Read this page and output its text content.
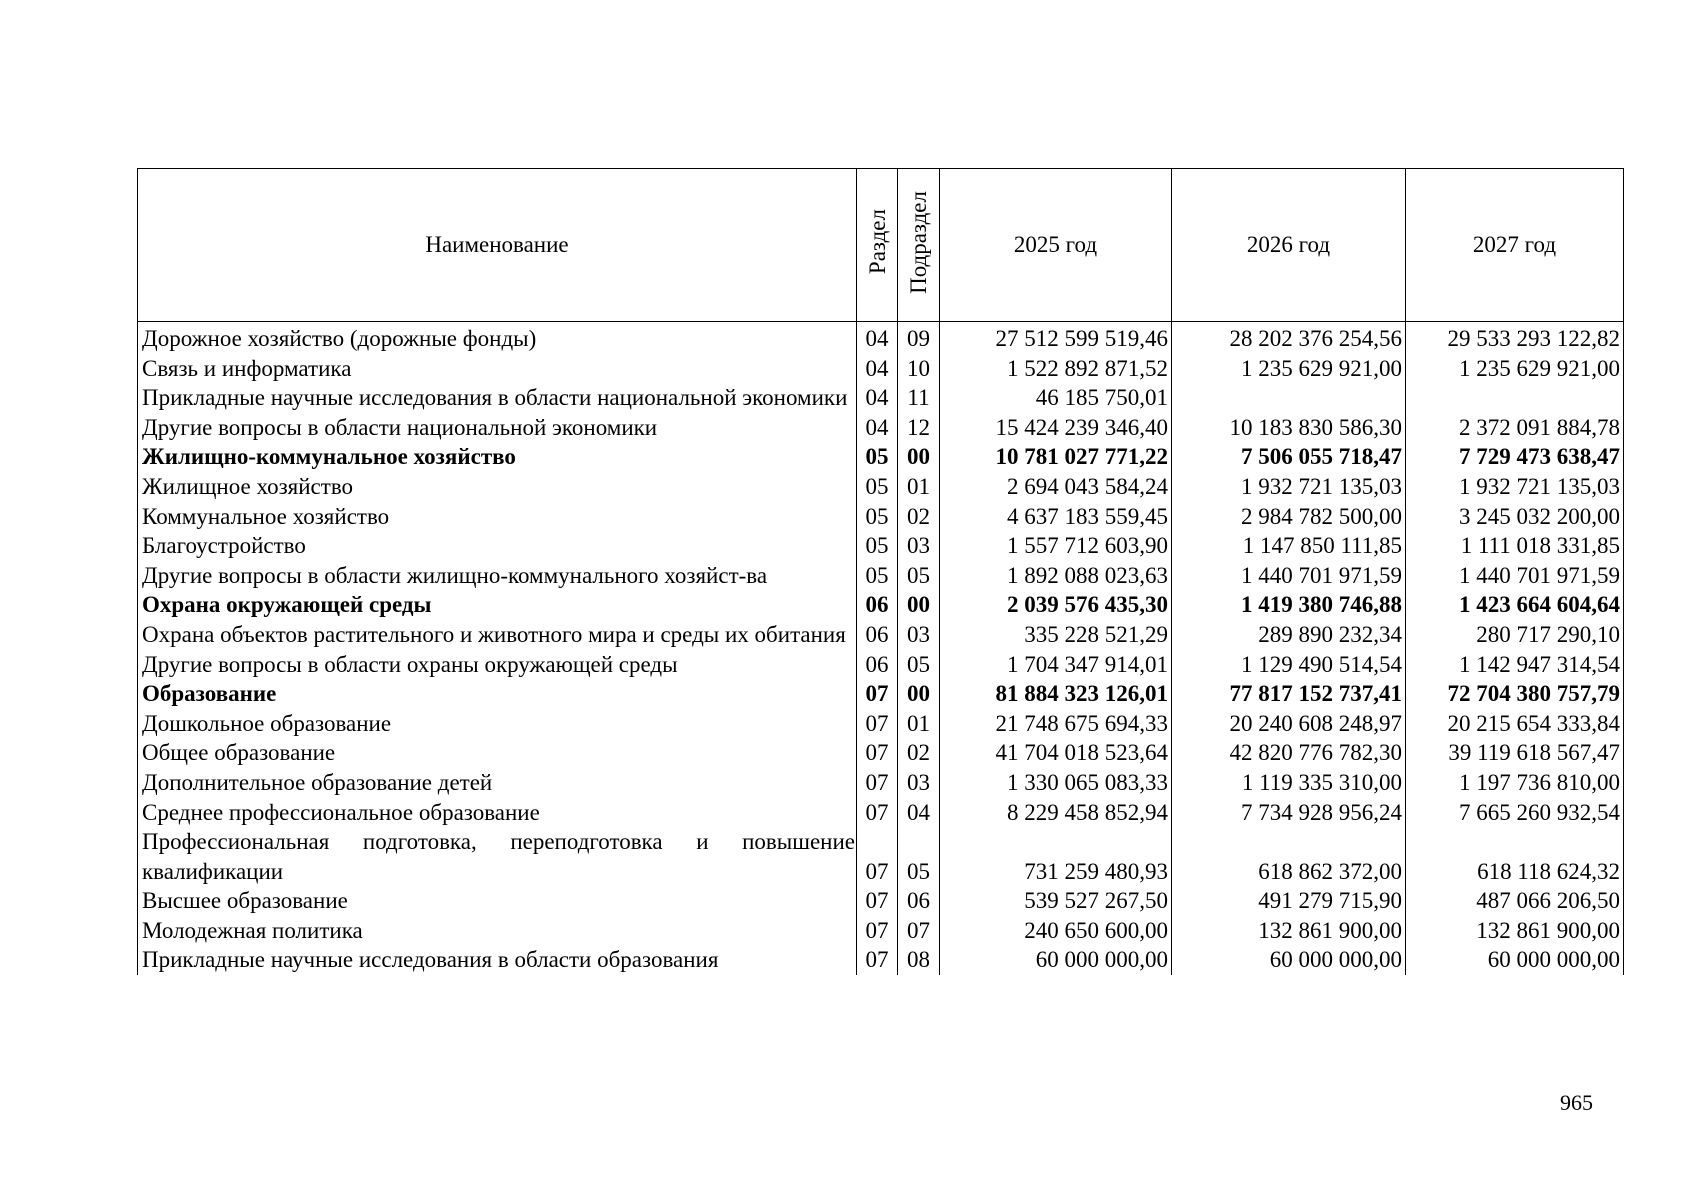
Наименование	Раздел	Подраздел	2025 год	2026 год	2027 год
Дорожное хозяйство (дорожные фонды)	04	09	27 512 599 519,46	28 202 376 254,56	29 533 293 122,82
Связь и информатика	04	10	1 522 892 871,52	1 235 629 921,00	1 235 629 921,00
Прикладные научные исследования в области национальной экономики	04	11	46 185 750,01		
Другие вопросы в области национальной экономики	04	12	15 424 239 346,40	10 183 830 586,30	2 372 091 884,78
Жилищно-коммунальное хозяйство	05	00	10 781 027 771,22	7 506 055 718,47	7 729 473 638,47
Жилищное хозяйство	05	01	2 694 043 584,24	1 932 721 135,03	1 932 721 135,03
Коммунальное хозяйство	05	02	4 637 183 559,45	2 984 782 500,00	3 245 032 200,00
Благоустройство	05	03	1 557 712 603,90	1 147 850 111,85	1 111 018 331,85
Другие вопросы в области жилищно-коммунального хозяйст-ва	05	05	1 892 088 023,63	1 440 701 971,59	1 440 701 971,59
Охрана окружающей среды	06	00	2 039 576 435,30	1 419 380 746,88	1 423 664 604,64
Охрана объектов растительного и животного мира и среды их обитания	06	03	335 228 521,29	289 890 232,34	280 717 290,10
Другие вопросы в области охраны окружающей среды	06	05	1 704 347 914,01	1 129 490 514,54	1 142 947 314,54
Образование	07	00	81 884 323 126,01	77 817 152 737,41	72 704 380 757,79
Дошкольное образование	07	01	21 748 675 694,33	20 240 608 248,97	20 215 654 333,84
Общее образование	07	02	41 704 018 523,64	42 820 776 782,30	39 119 618 567,47
Дополнительное образование детей	07	03	1 330 065 083,33	1 119 335 310,00	1 197 736 810,00
Среднее профессиональное образование	07	04	8 229 458 852,94	7 734 928 956,24	7 665 260 932,54
Профессиональная подготовка, переподготовка и повышение квалификации	07	05	731 259 480,93	618 862 372,00	618 118 624,32
Высшее образование	07	06	539 527 267,50	491 279 715,90	487 066 206,50
Молодежная политика	07	07	240 650 600,00	132 861 900,00	132 861 900,00
Прикладные научные исследования в области образования	07	08	60 000 000,00	60 000 000,00	60 000 000,00
965
